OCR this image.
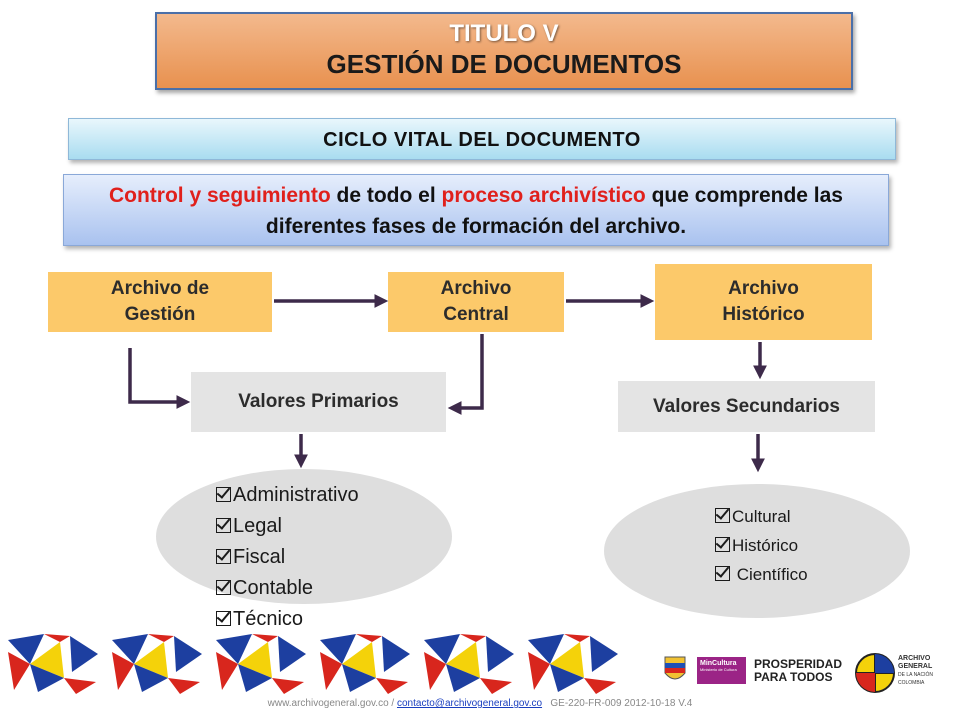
TITULO V
GESTIÓN DE DOCUMENTOS
CICLO VITAL DEL DOCUMENTO
Control y seguimiento de todo el proceso archivístico que comprende las diferentes fases de formación del archivo.
Archivo de
Gestión
Archivo
Central
Archivo
Histórico
Valores Primarios	Valores Secundarios
Administrativo
Legal
Fiscal
Contable
Técnico
Cultural
Histórico
Científico
MinCultura
Ministerio de Cultura	PROSPERIDAD
PARA TODOS
ARCHIVO
GENERAL
DE LA NACIÓN
COLOMBIA
www.archivogeneral.gov.co / contacto@archivogeneral.gov.co GE-220-FR-009 2012-10-18 V.4
